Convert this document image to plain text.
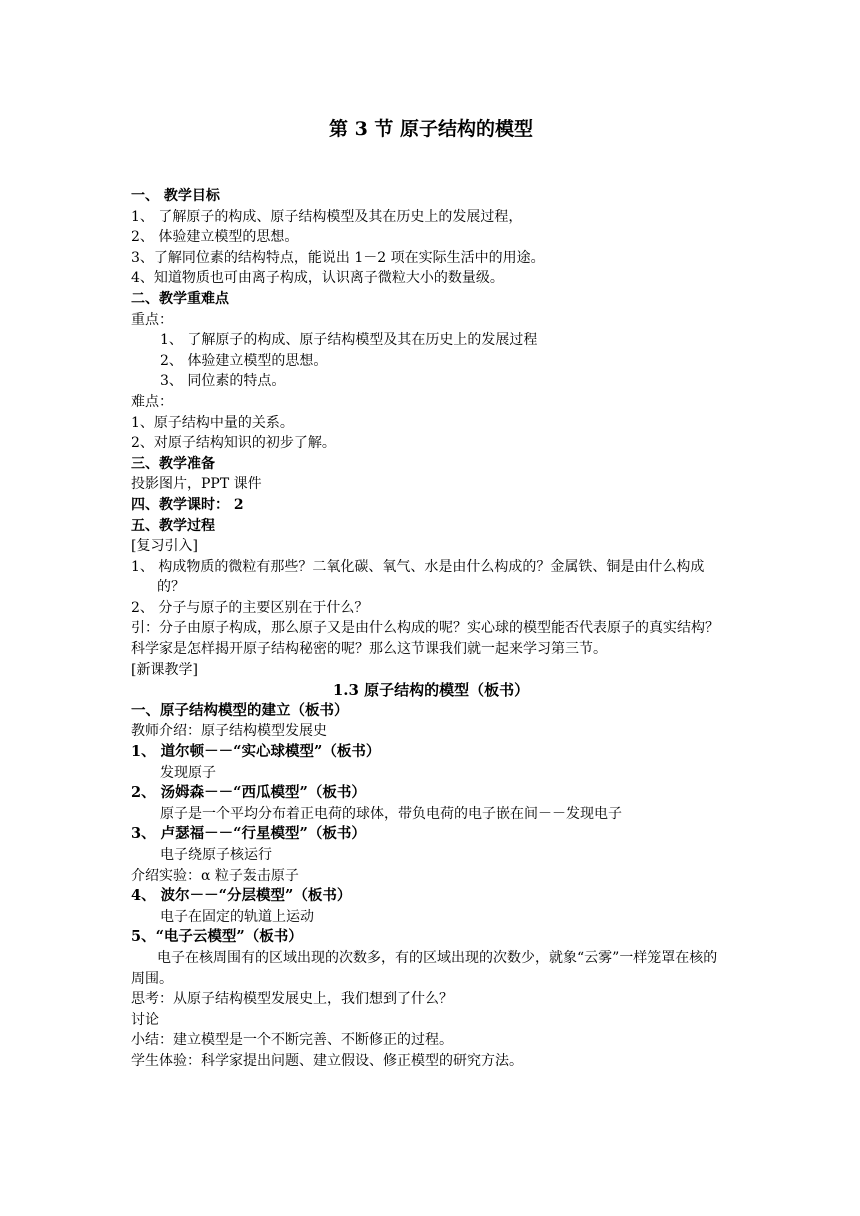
第 3 节 原子结构的模型

一、 教学目标

1、 了解原子的构成、原子结构模型及其在历史上的发展过程，

2、 体验建立模型的思想。

3、了解同位素的结构特点，能说出 1－2 项在实际生活中的用途。

4、知道物质也可由离子构成，认识离子微粒大小的数量级。

二、教学重难点

重点：

1、 了解原子的构成、原子结构模型及其在历史上的发展过程

2、 体验建立模型的思想。

3、 同位素的特点。

难点：

1、原子结构中量的关系。

2、对原子结构知识的初步了解。

三、教学准备

投影图片，PPT 课件

四、教学课时： 2

五、教学过程

[复习引入]

1、 构成物质的微粒有那些？二氧化碳、氧气、水是由什么构成的？金属铁、铜是由什么构成的？

2、 分子与原子的主要区别在于什么？

引：分子由原子构成，那么原子又是由什么构成的呢？实心球的模型能否代表原子的真实结构？科学家是怎样揭开原子结构秘密的呢？那么这节课我们就一起来学习第三节。

[新课教学]

1.3 原子结构的模型（板书）

一、原子结构模型的建立（板书）

教师介绍：原子结构模型发展史

1、 道尔顿－－“实心球模型”（板书）

发现原子

2、 汤姆森－－“西瓜模型”（板书）

原子是一个平均分布着正电荷的球体，带负电荷的电子嵌在间－－发现电子

3、 卢瑟福－－“行星模型”（板书）

电子绕原子核运行

介绍实验：α 粒子轰击原子

4、 波尔－－“分层模型”（板书）

电子在固定的轨道上运动

5、“电子云模型”（板书）

电子在核周围有的区域出现的次数多，有的区域出现的次数少，就象“云雾”一样笼罩在核的周围。

思考：从原子结构模型发展史上，我们想到了什么？

讨论

小结：建立模型是一个不断完善、不断修正的过程。

学生体验：科学家提出问题、建立假设、修正模型的研究方法。
